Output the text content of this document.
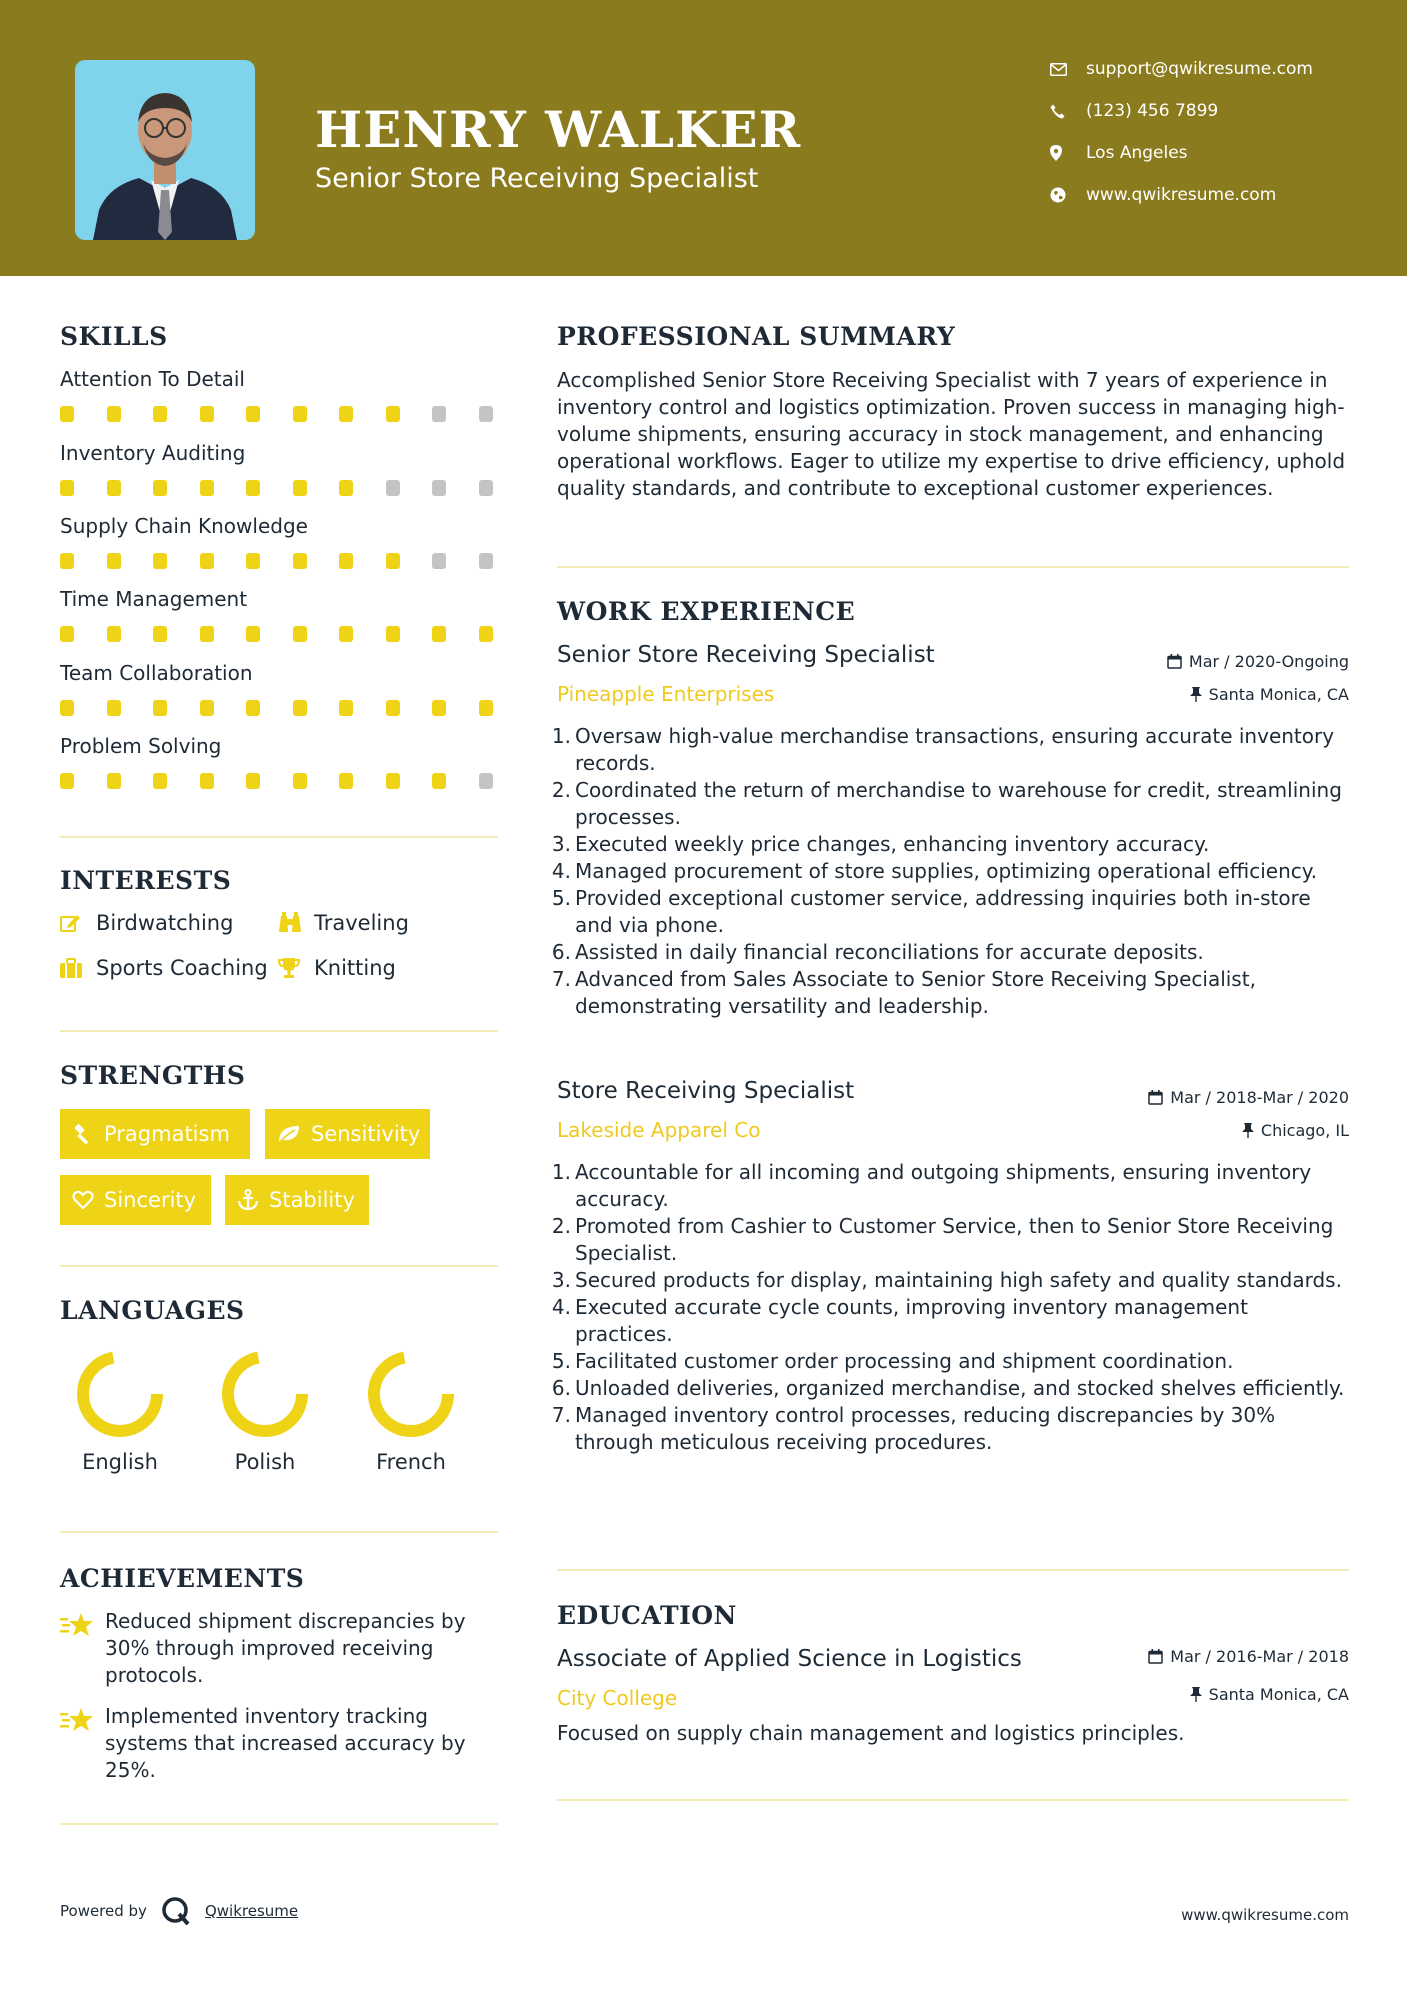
HENRY WALKER
Senior Store Receiving Specialist
support@qwikresume.com
(123) 456 7899
Los Angeles
www.qwikresume.com
SKILLS
Attention To Detail
Inventory Auditing
Supply Chain Knowledge
Time Management
Team Collaboration
Problem Solving
INTERESTS
Birdwatching	Traveling
Sports Coaching Knitting
STRENGTHS
Pragmatism	Sensitivity
Sincerity	Stability
LANGUAGES
English	Polish	French
ACHIEVEMENTS
Reduced shipment discrepancies by 30% through improved receiving protocols.
Implemented inventory tracking systems that increased accuracy by 25%.
PROFESSIONAL SUMMARY
Accomplished Senior Store Receiving Specialist with 7 years of experience in inventory control and logistics optimization. Proven success in managing high-volume shipments, ensuring accuracy in stock management, and enhancing operational workflows. Eager to utilize my expertise to drive efficiency, uphold quality standards, and contribute to exceptional customer experiences.
WORK EXPERIENCE
Senior Store Receiving Specialist	Mar / 2020-Ongoing
Pineapple Enterprises	Santa Monica, CA
1. Oversaw high-value merchandise transactions, ensuring accurate inventory records.
2. Coordinated the return of merchandise to warehouse for credit, streamlining processes.
3. Executed weekly price changes, enhancing inventory accuracy.
4. Managed procurement of store supplies, optimizing operational efficiency.
5. Provided exceptional customer service, addressing inquiries both in-store and via phone.
6. Assisted in daily financial reconciliations for accurate deposits.
7. Advanced from Sales Associate to Senior Store Receiving Specialist, demonstrating versatility and leadership.
Store Receiving Specialist	Mar / 2018-Mar / 2020
Lakeside Apparel Co	Chicago, IL
1. Accountable for all incoming and outgoing shipments, ensuring inventory accuracy.
2. Promoted from Cashier to Customer Service, then to Senior Store Receiving Specialist.
3. Secured products for display, maintaining high safety and quality standards.
4. Executed accurate cycle counts, improving inventory management practices.
5. Facilitated customer order processing and shipment coordination.
6. Unloaded deliveries, organized merchandise, and stocked shelves efficiently.
7. Managed inventory control processes, reducing discrepancies by 30% through meticulous receiving procedures.
EDUCATION
Associate of Applied Science in Logistics	Mar / 2016-Mar / 2018
City College	Santa Monica, CA
Focused on supply chain management and logistics principles.
Powered by	Qwikresume	www.qwikresume.com
